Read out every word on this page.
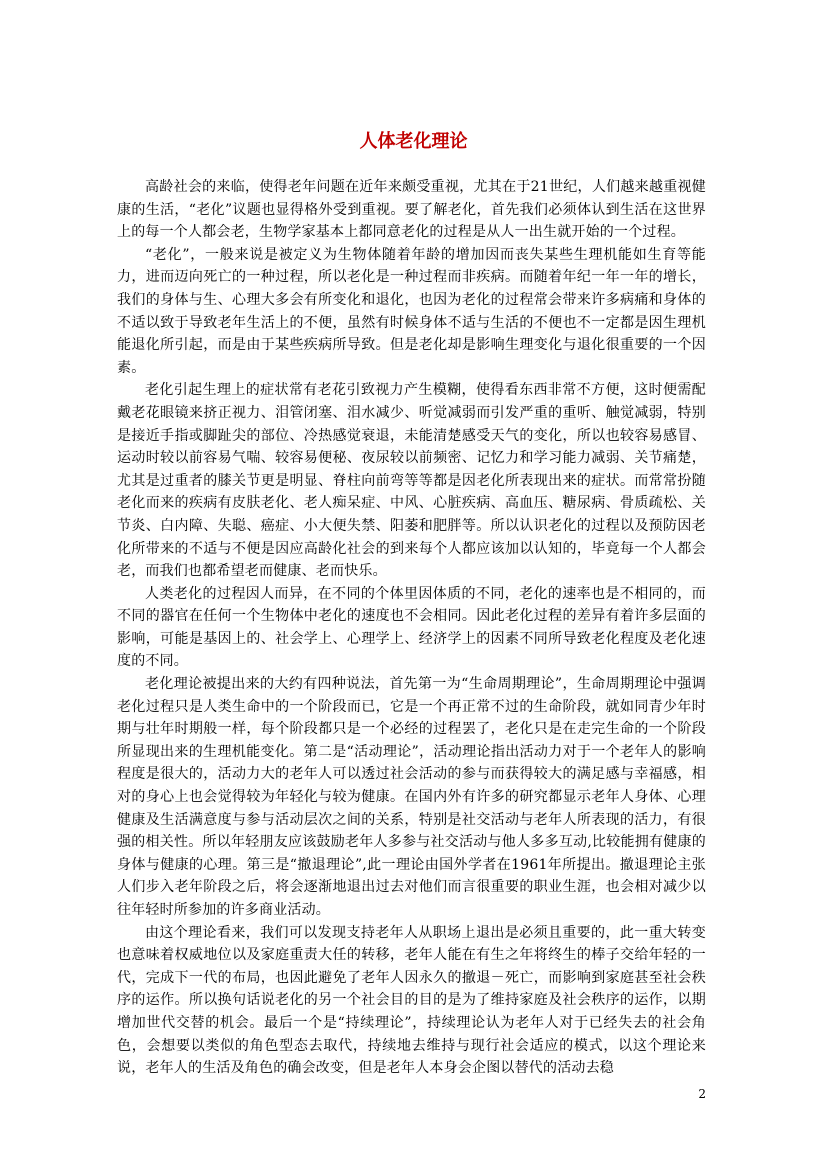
人体老化理论

高龄社会的来临，使得老年问题在近年来颇受重视，尤其在于21世纪，人们越来越重视健康的生活，“老化”议题也显得格外受到重视。要了解老化，首先我们必须体认到生活在这世界上的每一个人都会老，生物学家基本上都同意老化的过程是从人一出生就开始的一个过程。

“老化”，一般来说是被定义为生物体随着年龄的增加因而丧失某些生理机能如生育等能力，进而迈向死亡的一种过程，所以老化是一种过程而非疾病。而随着年纪一年一年的增长，我们的身体与生、心理大多会有所变化和退化，也因为老化的过程常会带来许多病痛和身体的不适以致于导致老年生活上的不便，虽然有时候身体不适与生活的不便也不一定都是因生理机能退化所引起，而是由于某些疾病所导致。但是老化却是影响生理变化与退化很重要的一个因素。

老化引起生理上的症状常有老花引致视力产生模糊，使得看东西非常不方便，这时便需配戴老花眼镜来挤正视力、泪管闭塞、泪水减少、听觉减弱而引发严重的重听、触觉减弱，特别是接近手指或脚趾尖的部位、冷热感觉衰退，未能清楚感受天气的变化，所以也较容易感冒、运动时较以前容易气喘、较容易便秘、夜尿较以前频密、记忆力和学习能力减弱、关节痛楚，尤其是过重者的膝关节更是明显、脊柱向前弯等等都是因老化所表现出来的症状。而常常扮随老化而来的疾病有皮肤老化、老人痴呆症、中风、心脏疾病、高血压、糖尿病、骨质疏松、关节炎、白内障、失聪、癌症、小大便失禁、阳萎和肥胖等。所以认识老化的过程以及预防因老化所带来的不适与不便是因应高龄化社会的到来每个人都应该加以认知的，毕竟每一个人都会老，而我们也都希望老而健康、老而快乐。

人类老化的过程因人而异，在不同的个体里因体质的不同，老化的速率也是不相同的，而不同的器官在任何一个生物体中老化的速度也不会相同。因此老化过程的差异有着许多层面的影响，可能是基因上的、社会学上、心理学上、经济学上的因素不同所导致老化程度及老化速度的不同。

老化理论被提出来的大约有四种说法，首先第一为“生命周期理论”，生命周期理论中强调老化过程只是人类生命中的一个阶段而已，它是一个再正常不过的生命阶段，就如同青少年时期与壮年时期般一样，每个阶段都只是一个必经的过程罢了，老化只是在走完生命的一个阶段所显现出来的生理机能变化。第二是“活动理论”，活动理论指出活动力对于一个老年人的影响程度是很大的，活动力大的老年人可以透过社会活动的参与而获得较大的满足感与幸福感，相对的身心上也会觉得较为年轻化与较为健康。在国内外有许多的研究都显示老年人身体、心理健康及生活满意度与参与活动层次之间的关系，特别是社交活动与老年人所表现的活力，有很强的相关性。所以年轻朋友应该鼓励老年人多参与社交活动与他人多多互动,比较能拥有健康的身体与健康的心理。第三是“撤退理论”,此一理论由国外学者在1961年所提出。撤退理论主张人们步入老年阶段之后，将会逐渐地退出过去对他们而言很重要的职业生涯，也会相对减少以往年轻时所参加的许多商业活动。

由这个理论看来，我们可以发现支持老年人从职场上退出是必须且重要的，此一重大转变也意味着权威地位以及家庭重责大任的转移，老年人能在有生之年将终生的棒子交给年轻的一代，完成下一代的布局，也因此避免了老年人因永久的撤退－死亡，而影响到家庭甚至社会秩序的运作。所以换句话说老化的另一个社会目的目的是为了维持家庭及社会秩序的运作，以期增加世代交替的机会。最后一个是“持续理论”，持续理论认为老年人对于已经失去的社会角色，会想要以类似的角色型态去取代，持续地去维持与现行社会适应的模式，以这个理论来说，老年人的生活及角色的确会改变，但是老年人本身会企图以替代的活动去稳

2
